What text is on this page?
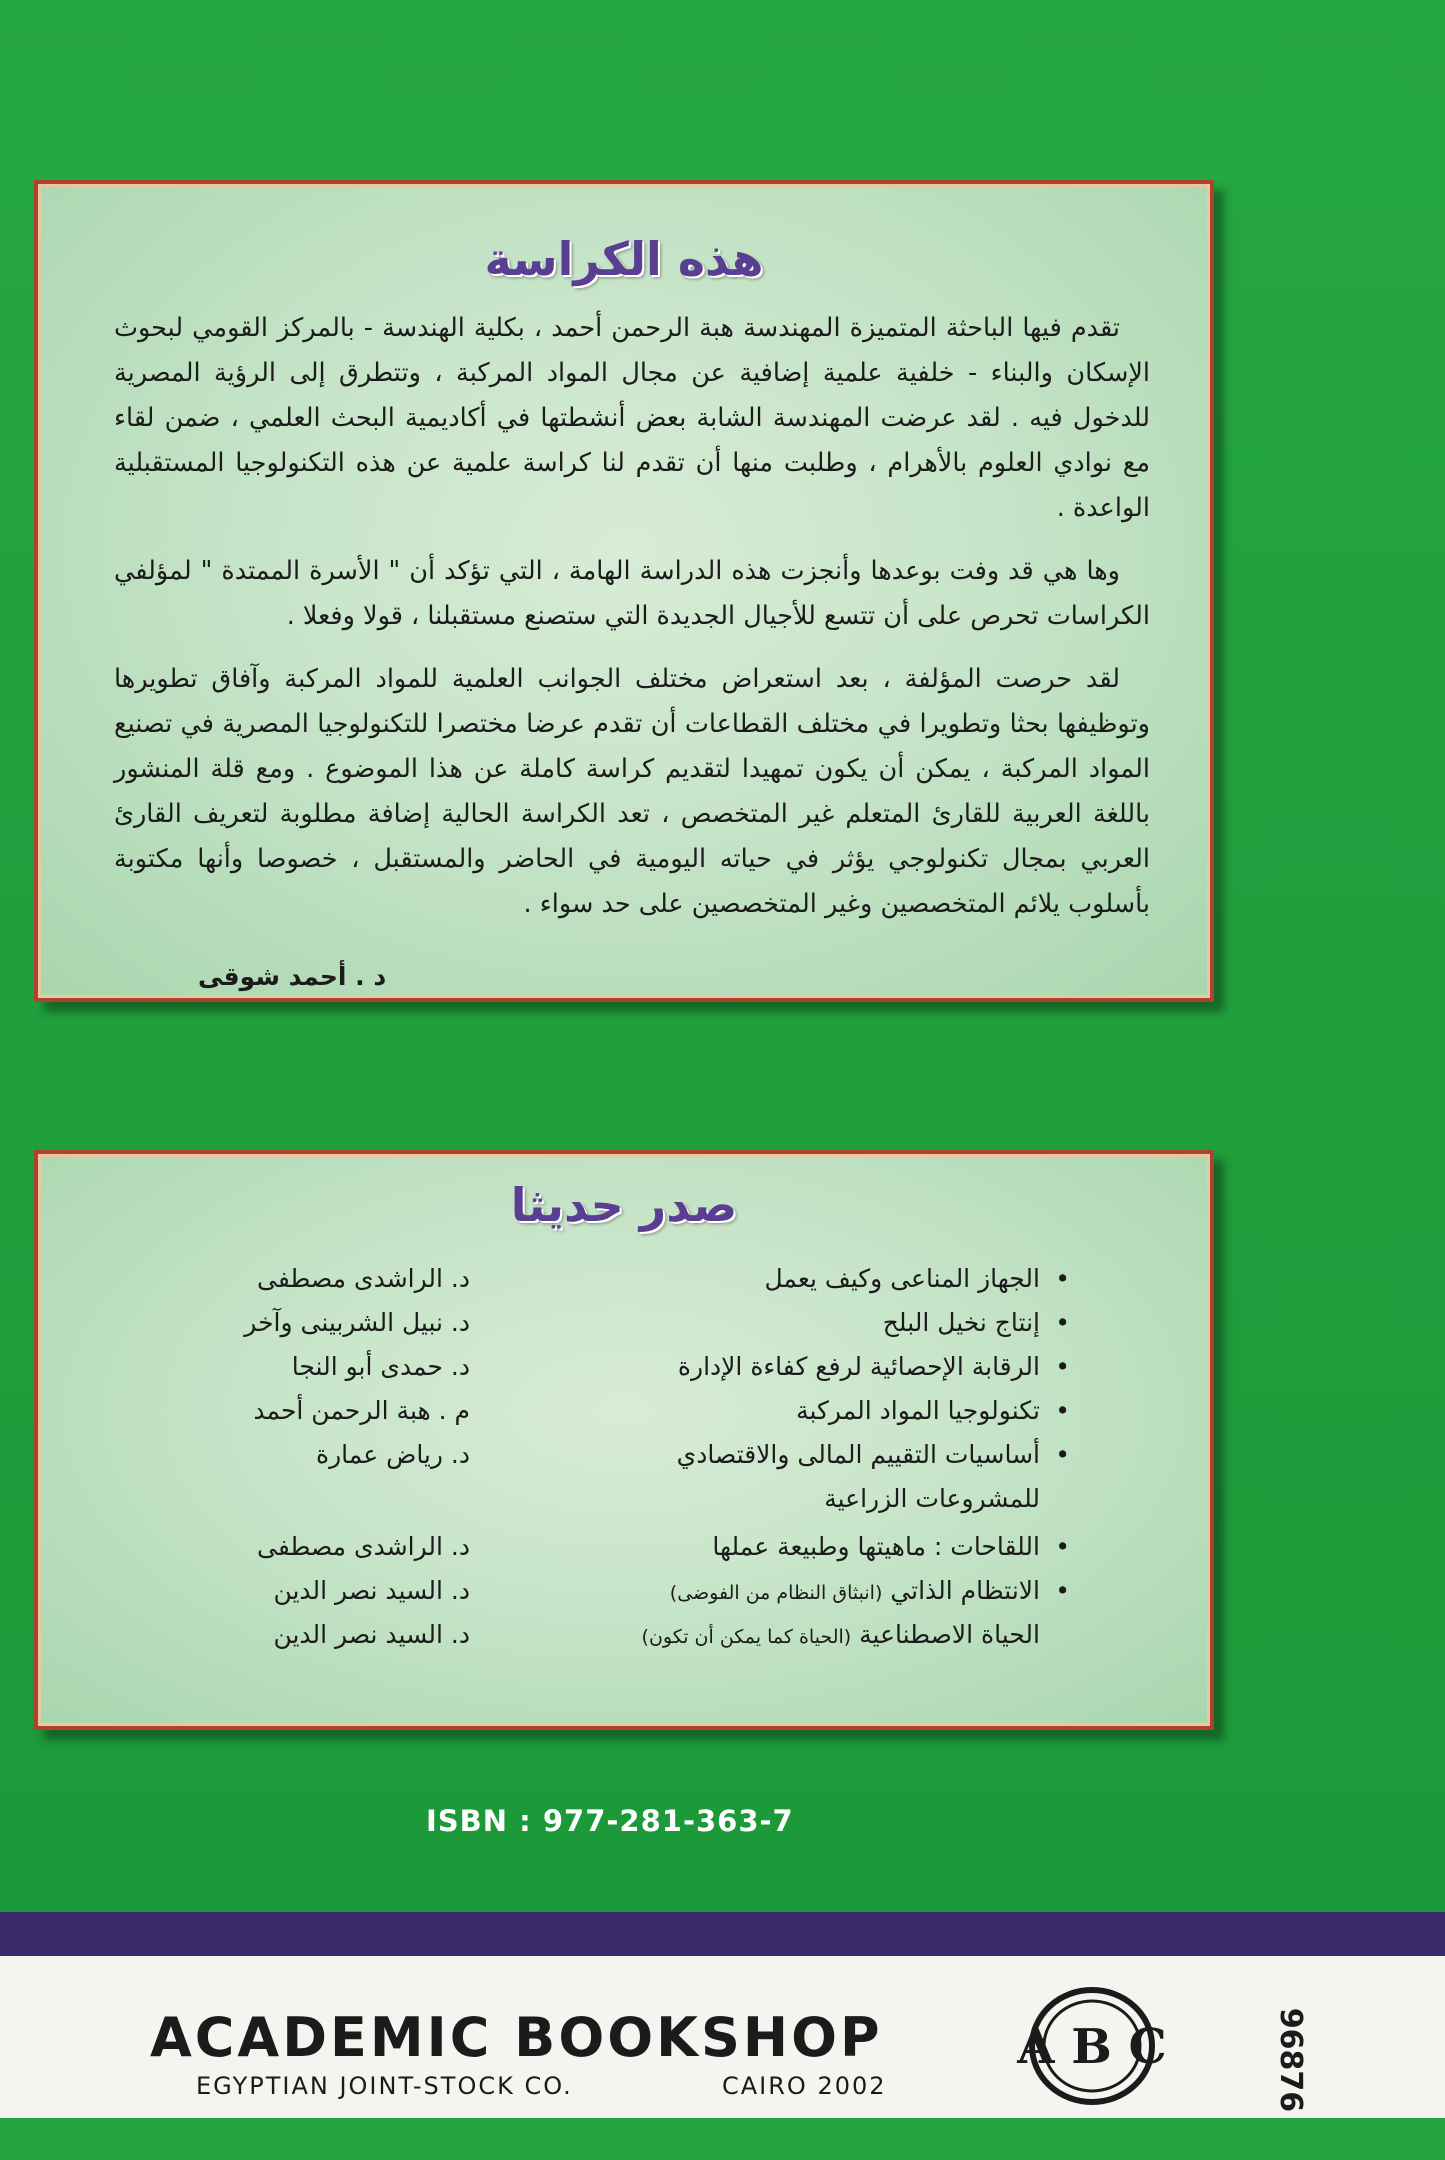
هذه الكراسة

تقدم فيها الباحثة المتميزة المهندسة هبة الرحمن أحمد ، بكلية الهندسة - بالمركز القومي لبحوث الإسكان والبناء - خلفية علمية إضافية عن مجال المواد المركبة ، وتتطرق إلى الرؤية المصرية للدخول فيه . لقد عرضت المهندسة الشابة بعض أنشطتها في أكاديمية البحث العلمي ، ضمن لقاء مع نوادي العلوم بالأهرام ، وطلبت منها أن تقدم لنا كراسة علمية عن هذه التكنولوجيا المستقبلية الواعدة .

وها هي قد وفت بوعدها وأنجزت هذه الدراسة الهامة ، التي تؤكد أن " الأسرة الممتدة " لمؤلفي الكراسات تحرص على أن تتسع للأجيال الجديدة التي ستصنع مستقبلنا ، قولا وفعلا .

لقد حرصت المؤلفة ، بعد استعراض مختلف الجوانب العلمية للمواد المركبة وآفاق تطويرها وتوظيفها بحثا وتطويرا في مختلف القطاعات أن تقدم عرضا مختصرا للتكنولوجيا المصرية في تصنيع المواد المركبة ، يمكن أن يكون تمهيدا لتقديم كراسة كاملة عن هذا الموضوع . ومع قلة المنشور باللغة العربية للقارئ المتعلم غير المتخصص ، تعد الكراسة الحالية إضافة مطلوبة لتعريف القارئ العربي بمجال تكنولوجي يؤثر في حياته اليومية في الحاضر والمستقبل ، خصوصا وأنها مكتوبة بأسلوب يلائم المتخصصين وغير المتخصصين على حد سواء .

د . أحمد شوقى
صدر حديثا
•الجهاز المناعى وكيف يعمل
د. الراشدى مصطفى
•إنتاج نخيل البلح
د. نبيل الشربينى وآخر
•الرقابة الإحصائية لرفع كفاءة الإدارة
د. حمدى أبو النجا
•تكنولوجيا المواد المركبة
م . هبة الرحمن أحمد
•أساسيات التقييم المالى والاقتصادي
د. رياض عمارة
للمشروعات الزراعية
•اللقاحات : ماهيتها وطبيعة عملها
د. الراشدى مصطفى
•الانتظام الذاتي (انبثاق النظام من الفوضى)
د. السيد نصر الدين
الحياة الاصطناعية (الحياة كما يمكن أن تكون)
د. السيد نصر الدين
ISBN : 977-281-363-7
ACADEMIC BOOKSHOP
EGYPTIAN JOINT-STOCK CO.	CAIRO 2002
A B C	96876
